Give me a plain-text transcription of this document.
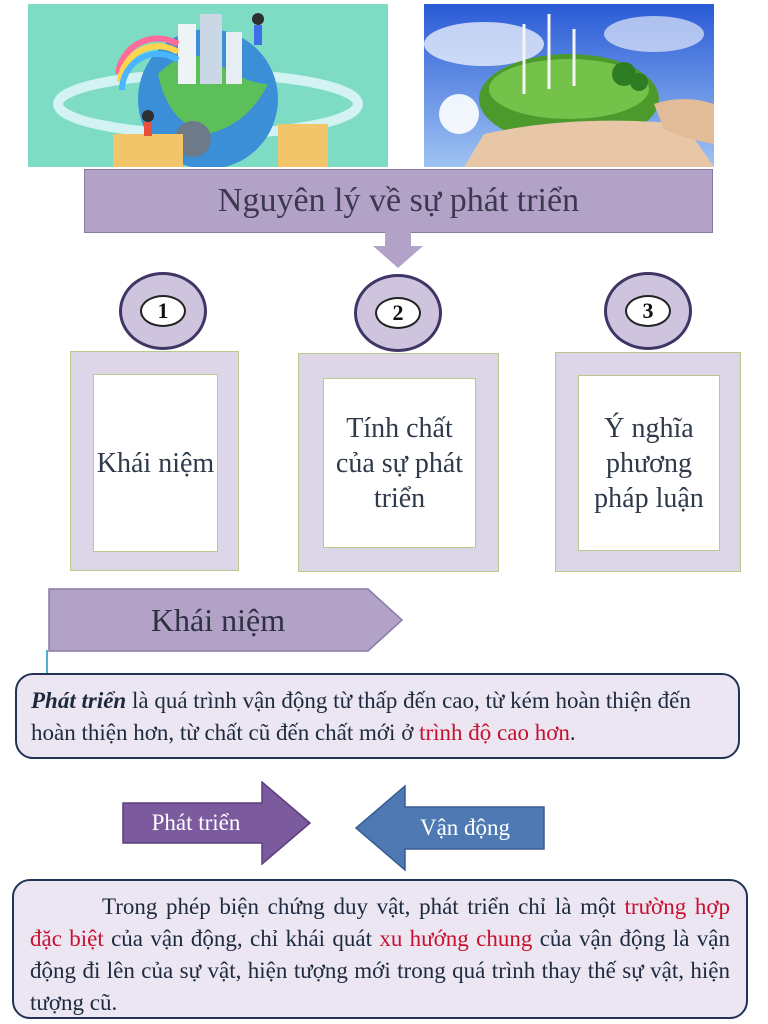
Nguyên lý về sự phát triển
1
Khái niệm
2
Tính chất của sự phát triển
3
Ý nghĩa phương pháp luận
Khái niệm
Phát triển là quá trình vận động từ thấp đến cao, từ kém hoàn thiện đến hoàn thiện hơn, từ chất cũ đến chất mới ở trình độ cao hơn.
Phát triển	Vận động
Trong phép biện chứng duy vật, phát triển chỉ là một trường hợp đặc biệt của vận động, chỉ khái quát xu hướng chung của vận động là vận động đi lên của sự vật, hiện tượng mới trong quá trình thay thế sự vật, hiện tượng cũ.
